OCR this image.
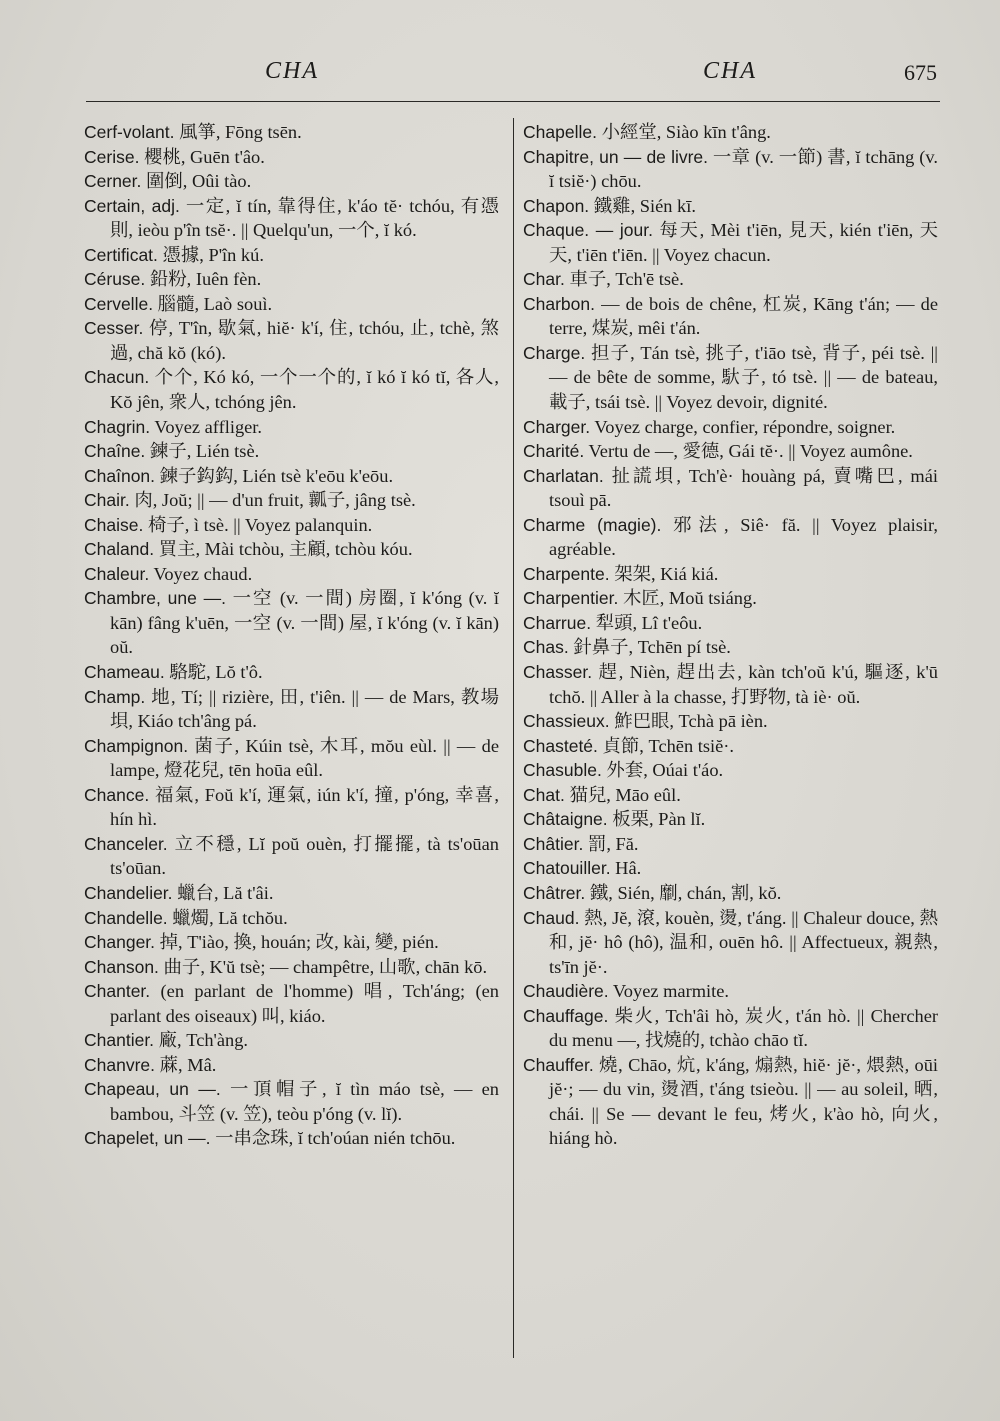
CHA	CHA	675

Cerf-volant. 風箏, Fōng tsēn.

Cerise. 櫻桃, Guēn t'âo.

Cerner. 圍倒, Oûi tào.

Certain, adj. 一定, ĭ tín, 靠得住, k'áo tĕ· tchóu, 有憑則, ieòu p'în tsĕ·. || Quelqu'un, 一个, ĭ kó.

Certificat. 憑據, P'în kú.

Céruse. 鉛粉, Iuên fèn.

Cervelle. 腦髓, Laò souì.

Cesser. 停, T'în, 歇氣, hiĕ· k'í, 住, tchóu, 止, tchè, 煞過, chă kŏ (kó).

Chacun. 个个, Kó kó, 一个一个的, ĭ kó ĭ kó tĭ, 各人, Kŏ jên, 衆人, tchóng jên.

Chagrin. Voyez affliger.

Chaîne. 鍊子, Lién tsè.

Chaînon. 鍊子鈎鈎, Lién tsè k'eōu k'eōu.

Chair. 肉, Joŭ; || — d'un fruit, 瓤子, jâng tsè.

Chaise. 椅子, ì tsè. || Voyez palanquin.

Chaland. 買主, Mài tchòu, 主顧, tchòu kóu.

Chaleur. Voyez chaud.

Chambre, une —. 一空 (v. 一間) 房圈, ĭ k'óng (v. ĭ kān) fâng k'uēn, 一空 (v. 一間) 屋, ĭ k'óng (v. ĭ kān) oŭ.

Chameau. 駱駝, Lŏ t'ô.

Champ. 地, Tí; || rizière, 田, t'iên. || — de Mars, 教場垻, Kiáo tch'âng pá.

Champignon. 菌子, Kúin tsè, 木耳, mŏu eùl. || — de lampe, 燈花兒, tēn hoūa eûl.

Chance. 福氣, Foŭ k'í, 運氣, iún k'í, 撞, p'óng, 幸喜, hín hì.

Chanceler. 立不穩, Lĭ poŭ ouèn, 打擺擺, tà ts'oūan ts'oūan.

Chandelier. 蠟台, Lă t'âi.

Chandelle. 蠟燭, Lă tchŏu.

Changer. 掉, T'iào, 換, houán; 改, kài, 變, pién.

Chanson. 曲子, K'ŭ tsè; — champêtre, 山歌, chān kō.

Chanter. (en parlant de l'homme) 唱, Tch'áng; (en parlant des oiseaux) 叫, kiáo.

Chantier. 廠, Tch'àng.

Chanvre. 蔴, Mâ.

Chapeau, un —. 一頂帽子, ĭ tìn máo tsè, — en bambou, 斗笠 (v. 笠), teòu p'óng (v. lĭ).

Chapelet, un —. 一串念珠, ĭ tch'oúan nién tchōu.

Chapelle. 小經堂, Siào kīn t'âng.

Chapitre, un — de livre. 一章 (v. 一節) 書, ĭ tchāng (v. ĭ tsiĕ·) chōu.

Chapon. 鐵雞, Sién kī.

Chaque. — jour. 每天, Mèi t'iēn, 見天, kién t'iēn, 天天, t'iēn t'iēn. || Voyez chacun.

Char. 車子, Tch'ē tsè.

Charbon. — de bois de chêne, 杠炭, Kāng t'án; — de terre, 煤炭, mêi t'án.

Charge. 担子, Tán tsè, 挑子, t'iāo tsè, 背子, péi tsè. || — de bête de somme, 馱子, tó tsè. || — de bateau, 載子, tsái tsè. || Voyez devoir, dignité.

Charger. Voyez charge, confier, répondre, soigner.

Charité. Vertu de —, 愛德, Gái tĕ·. || Voyez aumône.

Charlatan. 扯謊垻, Tch'è· houàng pá, 賣嘴巴, mái tsouì pā.

Charme (magie). 邪法, Siê· fă. || Voyez plaisir, agréable.

Charpente. 架架, Kiá kiá.

Charpentier. 木匠, Moŭ tsiáng.

Charrue. 犁頭, Lî t'eôu.

Chas. 針鼻子, Tchēn pí tsè.

Chasser. 趕, Nièn, 趕出去, kàn tch'oŭ k'ú, 驅逐, k'ū tchŏ. || Aller à la chasse, 打野物, tà iè· oŭ.

Chassieux. 鮓巴眼, Tchà pā ièn.

Chasteté. 貞節, Tchēn tsiĕ·.

Chasuble. 外套, Oúai t'áo.

Chat. 猫兒, Māo eûl.

Châtaigne. 板栗, Pàn lĭ.

Châtier. 罰, Fă.

Chatouiller. Hâ.

Châtrer. 鐵, Sién, 劘, chán, 割, kŏ.

Chaud. 熱, Jĕ, 滾, kouèn, 燙, t'áng. || Chaleur douce, 熱和, jĕ· hô (hô), 温和, ouēn hô. || Affectueux, 親熱, ts'īn jĕ·.

Chaudière. Voyez marmite.

Chauffage. 柴火, Tch'âi hò, 炭火, t'án hò. || Chercher du menu —, 找燒的, tchào chāo tĭ.

Chauffer. 燒, Chāo, 炕, k'áng, 煽熱, hiĕ· jĕ·, 煨熱, oūi jĕ·; — du vin, 燙酒, t'áng tsieòu. || — au soleil, 晒, chái. || Se — devant le feu, 烤火, k'ào hò, 向火, hiáng hò.
